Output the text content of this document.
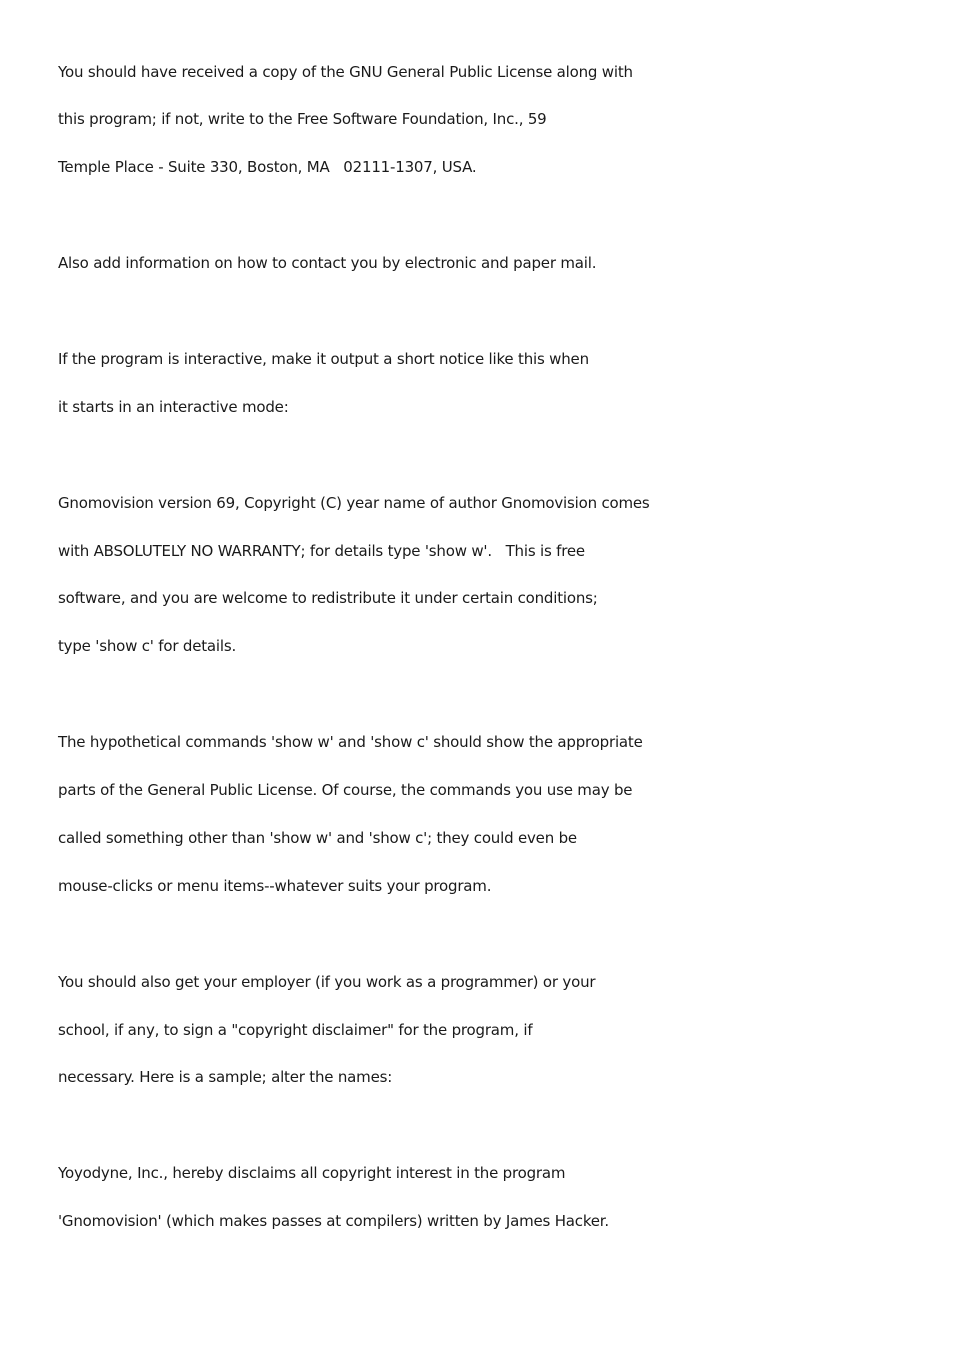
You should have received a copy of the GNU General Public License along with
this program; if not, write to the Free Software Foundation, Inc., 59
Temple Place - Suite 330, Boston, MA   02111-1307, USA.
Also add information on how to contact you by electronic and paper mail.
If the program is interactive, make it output a short notice like this when
it starts in an interactive mode:
Gnomovision version 69, Copyright (C) year name of author Gnomovision comes
with ABSOLUTELY NO WARRANTY; for details type 'show w'.   This is free
software, and you are welcome to redistribute it under certain conditions;
type 'show c' for details.
The hypothetical commands 'show w' and 'show c' should show the appropriate
parts of the General Public License. Of course, the commands you use may be
called something other than 'show w' and 'show c'; they could even be
mouse-clicks or menu items--whatever suits your program.
You should also get your employer (if you work as a programmer) or your
school, if any, to sign a "copyright disclaimer" for the program, if
necessary. Here is a sample; alter the names:
Yoyodyne, Inc., hereby disclaims all copyright interest in the program
'Gnomovision' (which makes passes at compilers) written by James Hacker.
